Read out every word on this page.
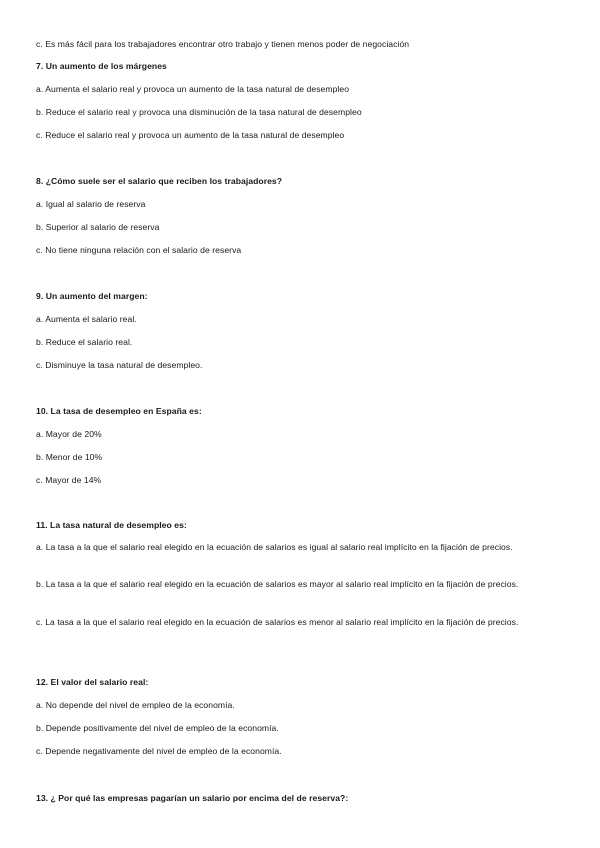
c. Es más fácil para los trabajadores encontrar otro trabajo y tienen menos poder de negociación
7. Un aumento de los márgenes
a. Aumenta el salario real y provoca un aumento de la tasa natural de desempleo
b. Reduce el salario real y provoca una disminución de la tasa natural de desempleo
c. Reduce el salario real y provoca un aumento de la tasa natural de desempleo
8. ¿Cómo suele ser el salario que reciben los trabajadores?
a. Igual al salario de reserva
b. Superior al salario de reserva
c. No tiene ninguna relación con el salario de reserva
9. Un aumento del margen:
a. Aumenta el salario real.
b. Reduce el salario real.
c. Disminuye la tasa natural de desempleo.
10. La tasa de desempleo en España es:
a. Mayor de 20%
b. Menor de 10%
c. Mayor de 14%
11. La tasa natural de desempleo es:
a. La tasa a la que el salario real elegido en la ecuación de salarios es igual al salario real implícito en la fijación de precios.
b. La tasa a la que el salario real elegido en la ecuación de salarios es mayor al salario real implícito en la fijación de precios.
c. La tasa a la que el salario real elegido en la ecuación de salarios es menor al salario real implícito en la fijación de precios.
12. El valor del salario real:
a. No depende del nivel de empleo de la economía.
b. Depende positivamente del nivel de empleo de la economía.
c. Depende negativamente del nivel de empleo de la economía.
13. ¿ Por qué las empresas pagarían un salario por encima del de reserva?:
